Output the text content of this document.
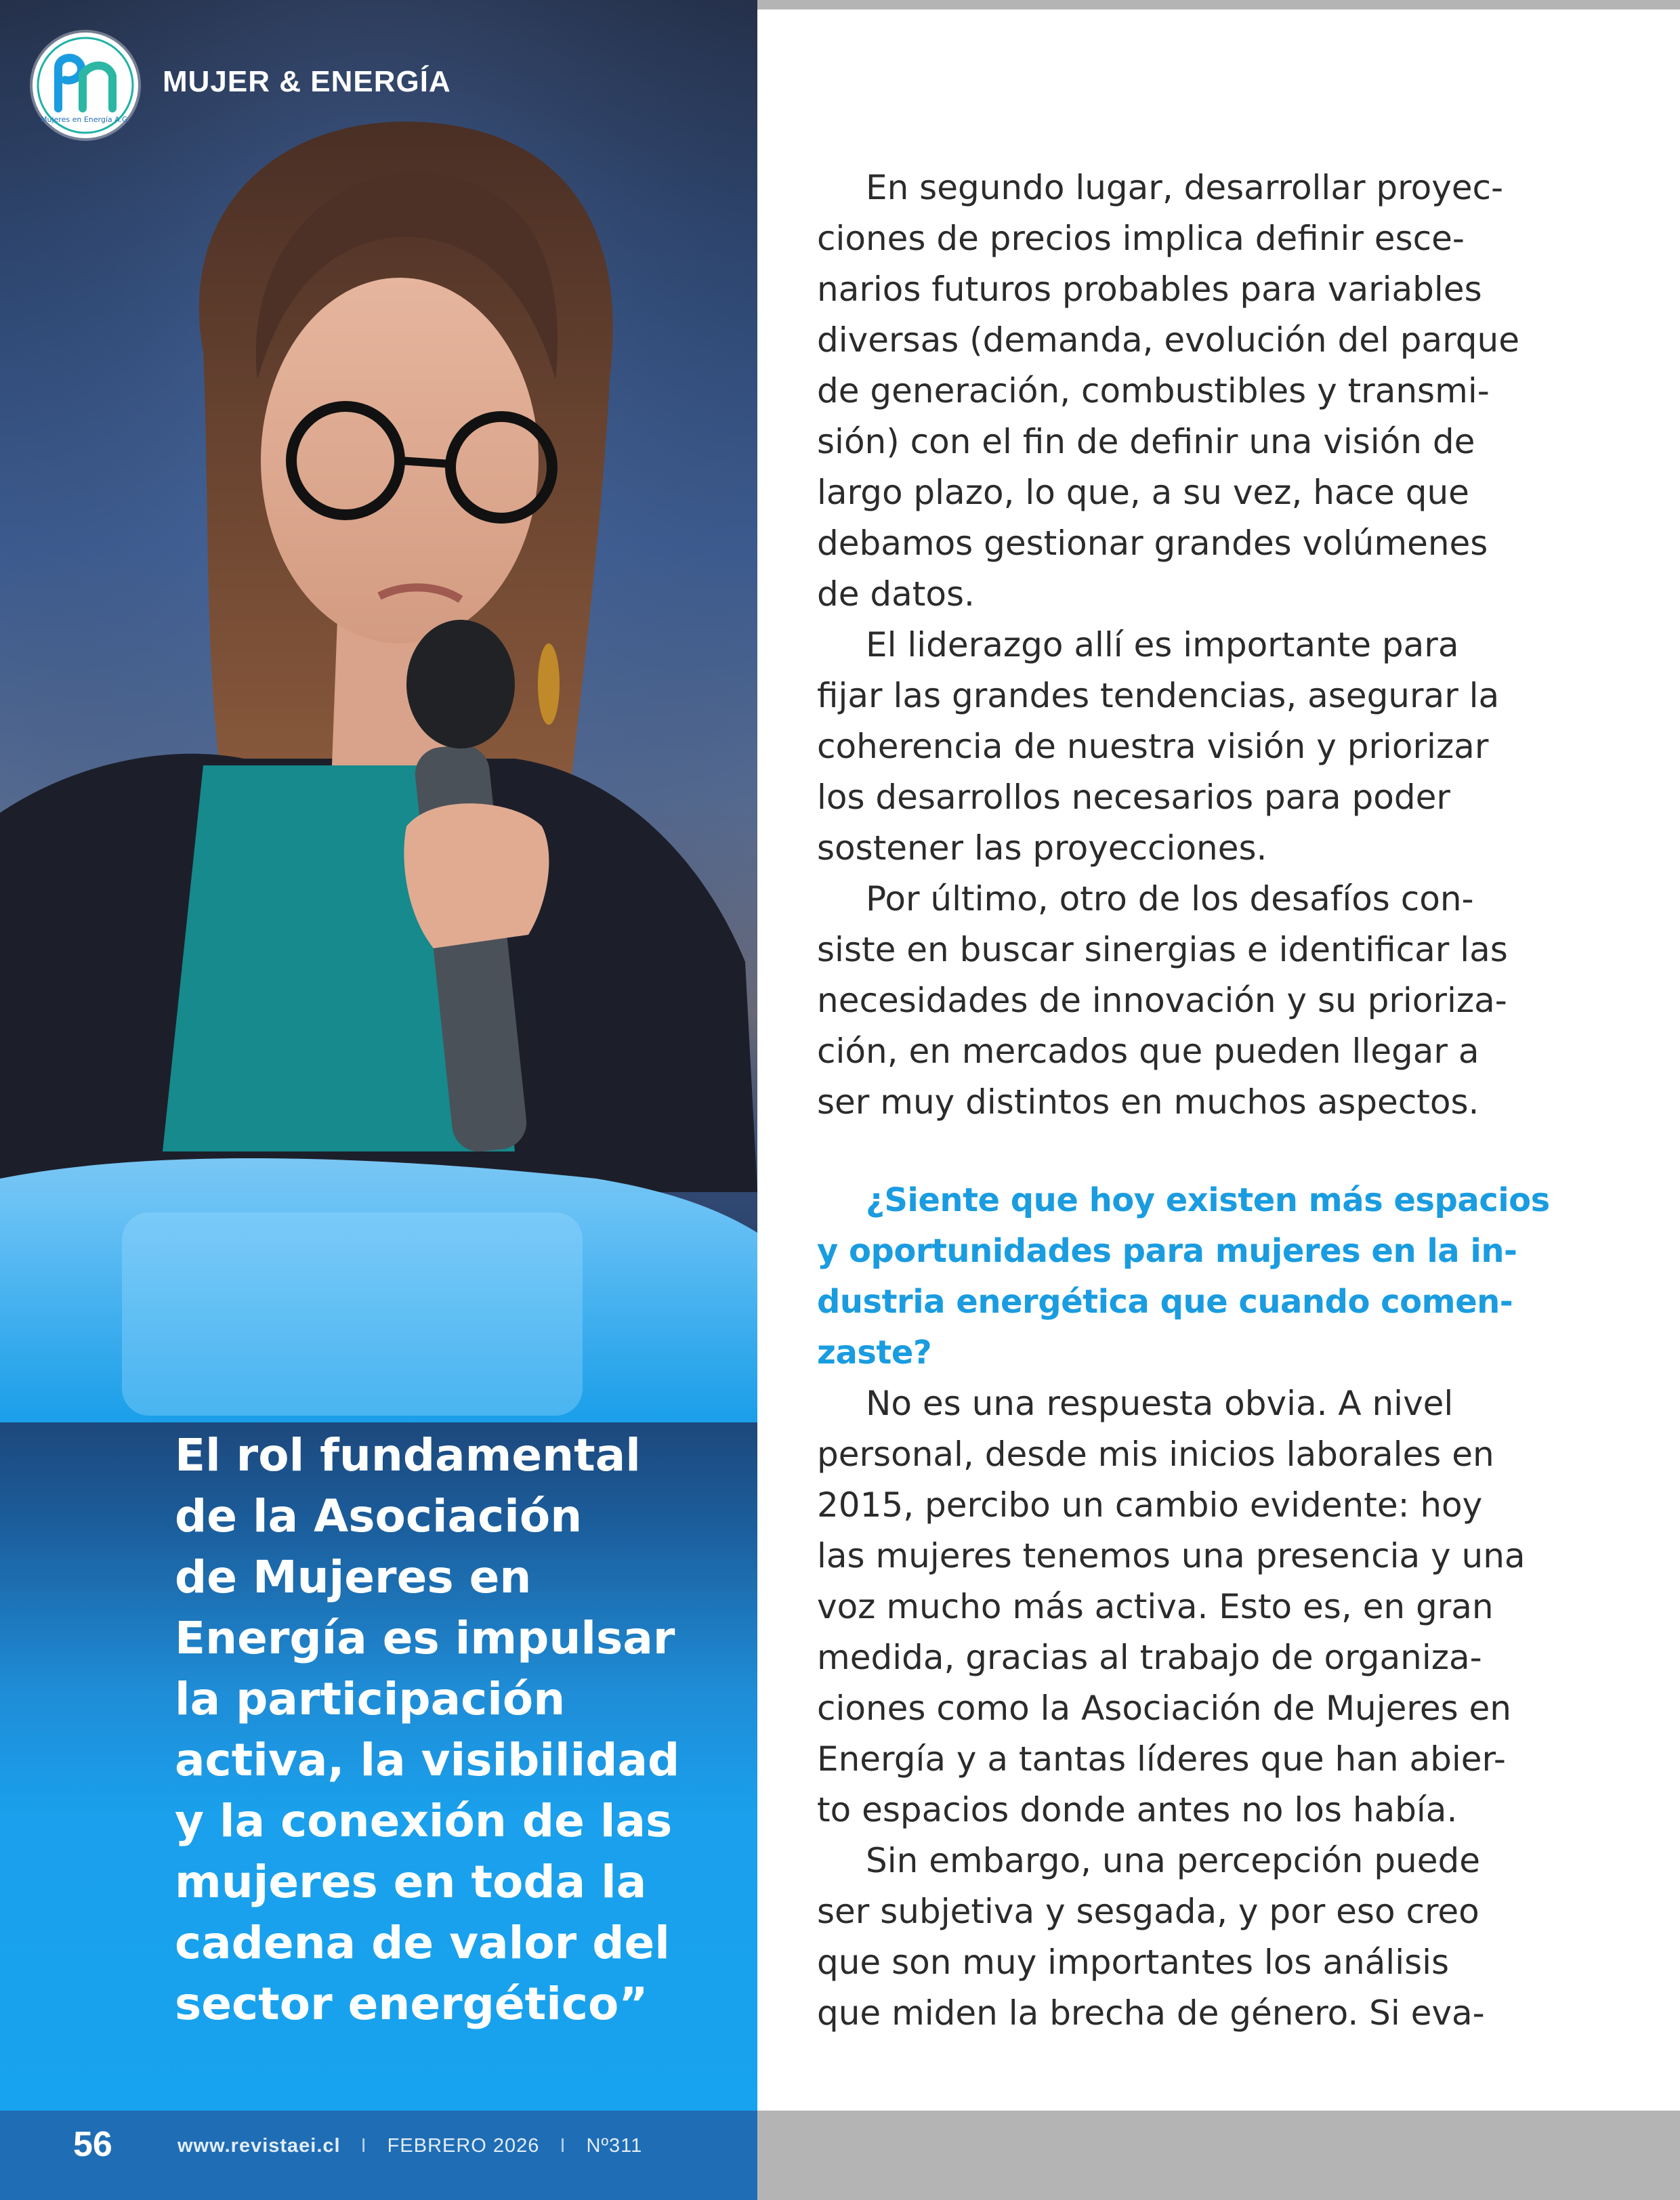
Mujeres en Energía A.G.
MUJER & ENERGÍA

El rol fundamental
de la Asociación
de Mujeres en
Energía es impulsar
la participación
activa, la visibilidad
y la conexión de las
mujeres en toda la
cadena de valor del
sector energético”

En segundo lugar, desarrollar proyec-
ciones de precios implica definir esce-
narios futuros probables para variables
diversas (demanda, evolución del parque
de generación, combustibles y transmi-
sión) con el fin de definir una visión de
largo plazo, lo que, a su vez, hace que
debamos gestionar grandes volúmenes
de datos.

El liderazgo allí es importante para
fijar las grandes tendencias, asegurar la
coherencia de nuestra visión y priorizar
los desarrollos necesarios para poder
sostener las proyecciones.

Por último, otro de los desafíos con-
siste en buscar sinergias e identificar las
necesidades de innovación y su prioriza-
ción, en mercados que pueden llegar a
ser muy distintos en muchos aspectos.

¿Siente que hoy existen más espacios
y oportunidades para mujeres en la in-
dustria energética que cuando comen-
zaste?

No es una respuesta obvia. A nivel
personal, desde mis inicios laborales en
2015, percibo un cambio evidente: hoy
las mujeres tenemos una presencia y una
voz mucho más activa. Esto es, en gran
medida, gracias al trabajo de organiza-
ciones como la Asociación de Mujeres en
Energía y a tantas líderes que han abier-
to espacios donde antes no los había.

Sin embargo, una percepción puede
ser subjetiva y sesgada, y por eso creo
que son muy importantes los análisis
que miden la brecha de género. Si eva-

56	www.revistaei.cl I FEBRERO 2026 I Nº311
